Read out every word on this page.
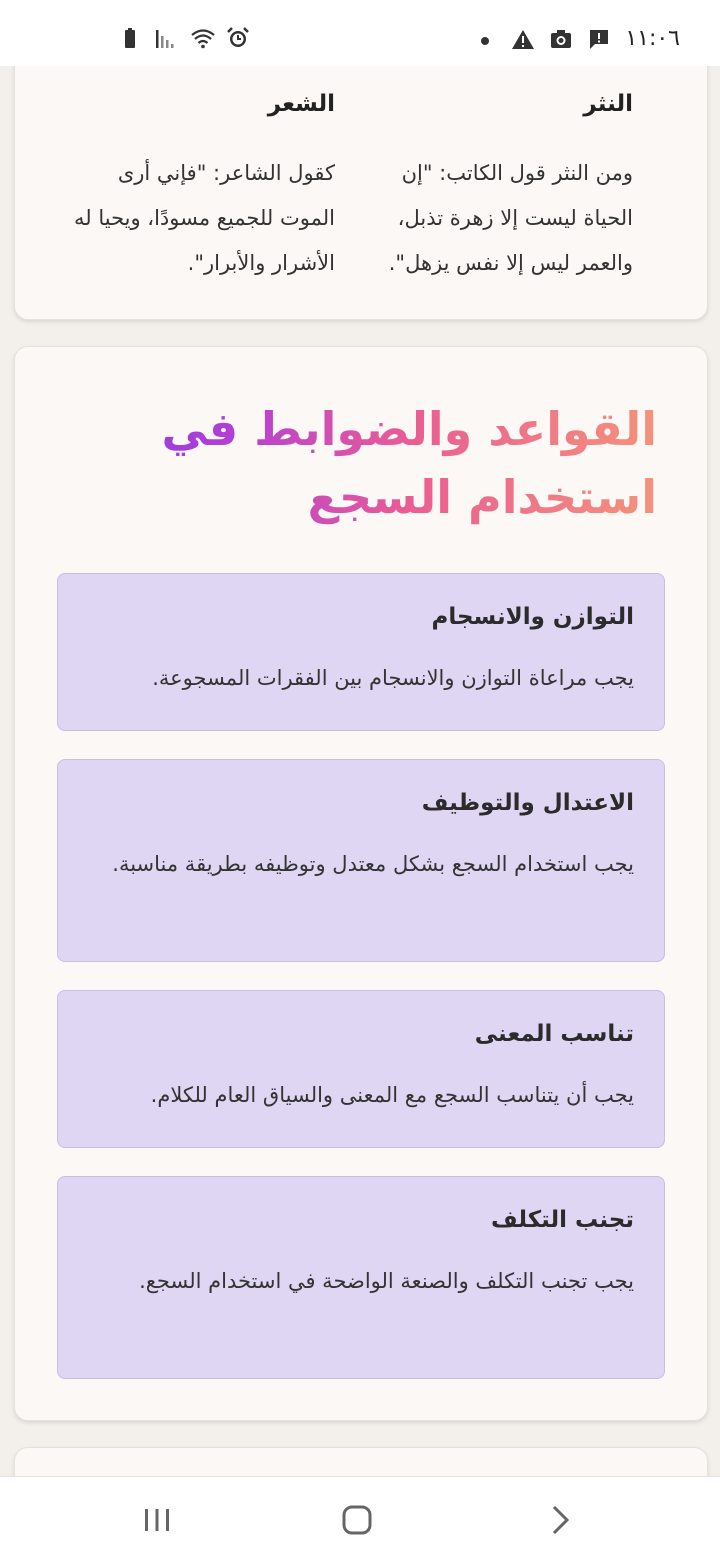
١١:٠٦
النثر

ومن النثر قول الكاتب: "إن الحياة ليست إلا زهرة تذبل، والعمر ليس إلا نفس يزهل".

الشعر

كقول الشاعر: "فإني أرى الموت للجميع مسودًا، ويحيا له الأشرار والأبرار".

القواعد والضوابط في استخدام السجع
التوازن والانسجام

يجب مراعاة التوازن والانسجام بين الفقرات المسجوعة.

الاعتدال والتوظيف

يجب استخدام السجع بشكل معتدل وتوظيفه بطريقة مناسبة.

تناسب المعنى

يجب أن يتناسب السجع مع المعنى والسياق العام للكلام.

تجنب التكلف

يجب تجنب التكلف والصنعة الواضحة في استخدام السجع.
